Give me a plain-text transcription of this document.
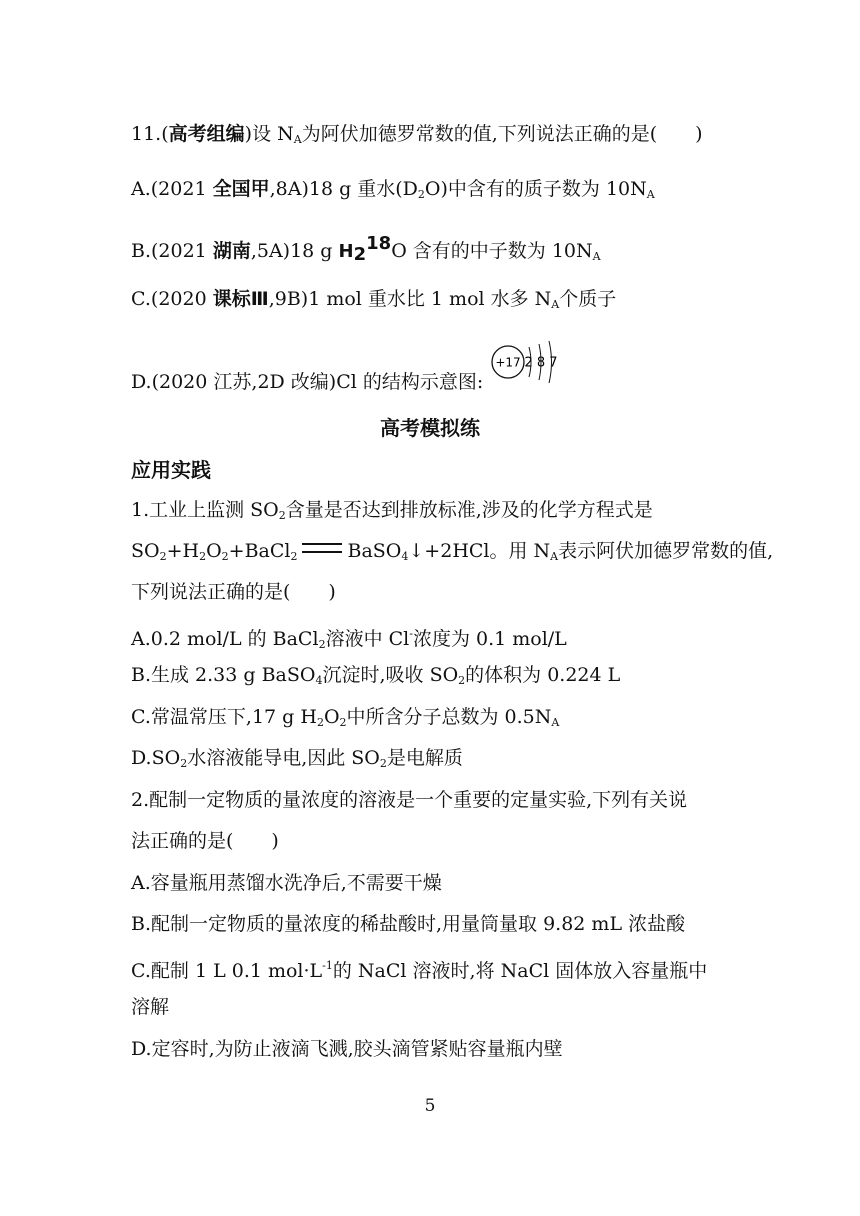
11.(高考组编)设 $N_A$为阿伏加德罗常数的值,下列说法正确的是(　　)
A.(2021 全国甲,8A)18 g 重水$(D_2O)$中含有的质子数为 $10N_A$
B.(2021 湖南,5A)18 g $H_2^{18}O$ 含有的中子数为 $10N_A$
C.(2020 课标Ⅲ,9B)1 mol 重水比 1 mol 水多 $N_A$个质子
D.(2020 江苏,2D 改编)Cl 的结构示意图:
+17 2 8 7
高考模拟练
应用实践
1.工业上监测 $SO_2$含量是否达到排放标准,涉及的化学方程式是
$SO_2+H_2O_2+BaCl_2$	BaSO$_4$↓+2HCl。用 $N_A$表示阿伏加德罗常数的值,
下列说法正确的是(　　)
A.0.2 mol/L 的 BaCl$_2$溶液中 Cl-浓度为 0.1 mol/L
B.生成 2.33 g BaSO$_4$沉淀时,吸收 $SO_2$的体积为 0.224 L
C.常温常压下,17 g $H_2O_2$中所含分子总数为 $0.5N_A$
$D.SO_2$水溶液能导电,因此 $SO_2$是电解质
2.配制一定物质的量浓度的溶液是一个重要的定量实验,下列有关说
法正确的是(　　)
A.容量瓶用蒸馏水洗净后,不需要干燥
B.配制一定物质的量浓度的稀盐酸时,用量筒量取 9.82 mL 浓盐酸
C.配制 1 L 0.1 $mol\cdot L^{-1}$的 NaCl 溶液时,将 NaCl 固体放入容量瓶中
溶解
D.定容时,为防止液滴飞溅,胶头滴管紧贴容量瓶内壁
5
